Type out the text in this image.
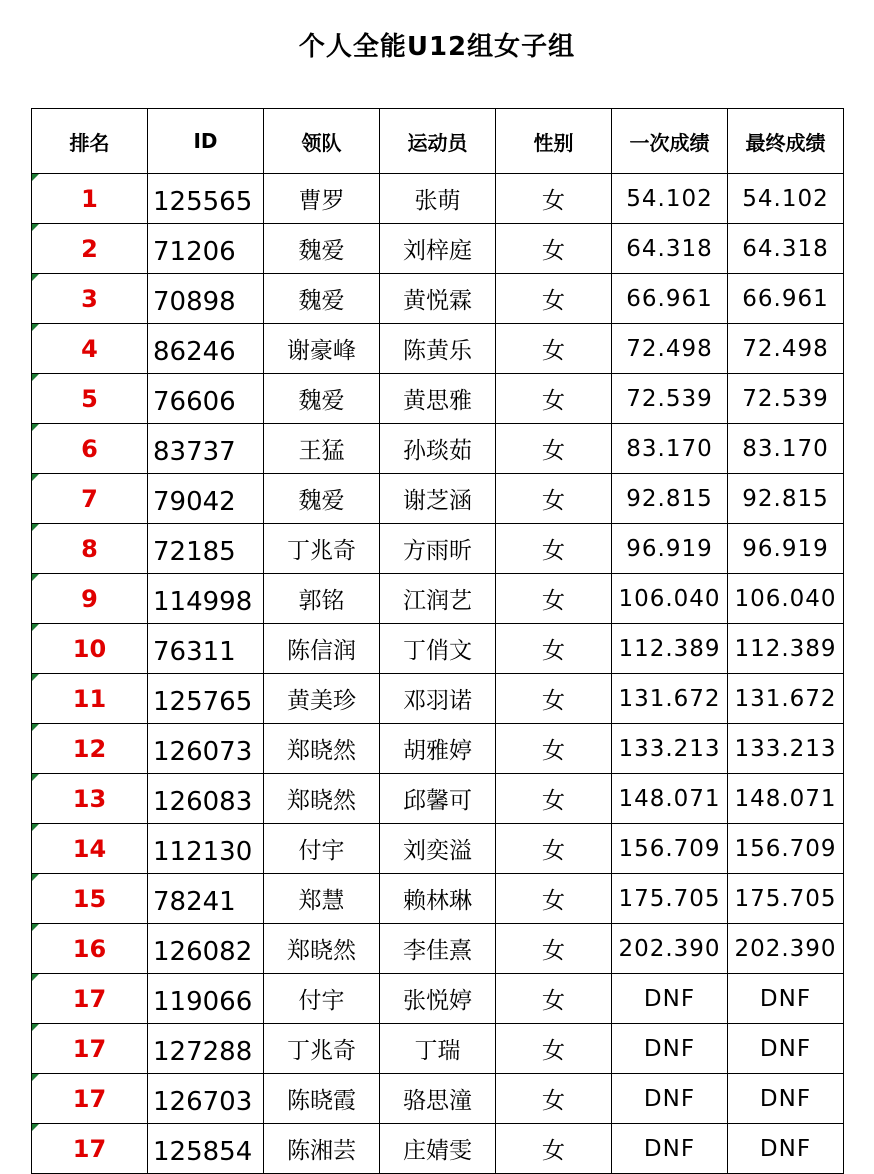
个人全能U12组女子组
排名	ID	领队	运动员	性别	一次成绩	最终成绩
1	125565	曹罗	张萌	女	54.102	54.102
2	71206	魏爱	刘梓庭	女	64.318	64.318
3	70898	魏爱	黄悦霖	女	66.961	66.961
4	86246	谢豪峰	陈黄乐	女	72.498	72.498
5	76606	魏爱	黄思雅	女	72.539	72.539
6	83737	王猛	孙琰茹	女	83.170	83.170
7	79042	魏爱	谢芝涵	女	92.815	92.815
8	72185	丁兆奇	方雨昕	女	96.919	96.919
9	114998	郭铭	江润艺	女	106.040	106.040
10	76311	陈信润	丁俏文	女	112.389	112.389
11	125765	黄美珍	邓羽诺	女	131.672	131.672
12	126073	郑晓然	胡雅婷	女	133.213	133.213
13	126083	郑晓然	邱馨可	女	148.071	148.071
14	112130	付宇	刘奕溢	女	156.709	156.709
15	78241	郑慧	赖林琳	女	175.705	175.705
16	126082	郑晓然	李佳熹	女	202.390	202.390
17	119066	付宇	张悦婷	女	DNF	DNF
17	127288	丁兆奇	丁瑞	女	DNF	DNF
17	126703	陈晓霞	骆思潼	女	DNF	DNF
17	125854	陈湘芸	庄婧雯	女	DNF	DNF
